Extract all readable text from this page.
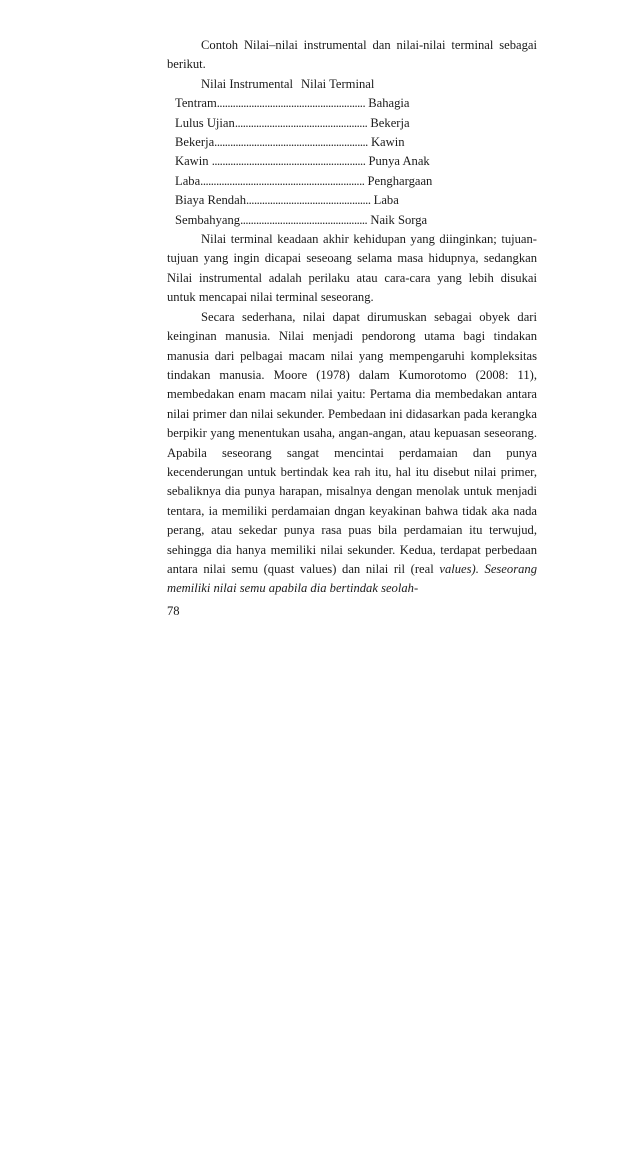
Contoh Nilai–nilai instrumental dan nilai-nilai terminal sebagai berikut.

Nilai Instrumental Nilai Terminal

Tentram........................................................ Bahagia
Lulus Ujian.................................................. Bekerja
Bekerja.......................................................... Kawin
Kawin .......................................................... Punya Anak
Laba.............................................................. Penghargaan
Biaya Rendah............................................... Laba
Sembahyang................................................ Naik Sorga

Nilai terminal keadaan akhir kehidupan yang diinginkan; tujuan-tujuan yang ingin dicapai seseoang selama masa hidupnya, sedangkan Nilai instrumental adalah perilaku atau cara-cara yang lebih disukai untuk mencapai nilai terminal seseorang.

Secara sederhana, nilai dapat dirumuskan sebagai obyek dari keinginan manusia. Nilai menjadi pendorong utama bagi tindakan manusia dari pelbagai macam nilai yang mempengaruhi kompleksitas tindakan manusia. Moore (1978) dalam Kumorotomo (2008: 11), membedakan enam macam nilai yaitu: Pertama dia membedakan antara nilai primer dan nilai sekunder. Pembedaan ini didasarkan pada kerangka berpikir yang menentukan usaha, angan-angan, atau kepuasan seseorang. Apabila seseorang sangat mencintai perdamaian dan punya kecenderungan untuk bertindak kea rah itu, hal itu disebut nilai primer, sebaliknya dia punya harapan, misalnya dengan menolak untuk menjadi tentara, ia memiliki perdamaian dngan keyakinan bahwa tidak aka nada perang, atau sekedar punya rasa puas bila perdamaian itu terwujud, sehingga dia hanya memiliki nilai sekunder. Kedua, terdapat perbedaan antara nilai semu (quast values) dan nilai ril (real values). Seseorang memiliki nilai semu apabila dia bertindak seolah-

78
